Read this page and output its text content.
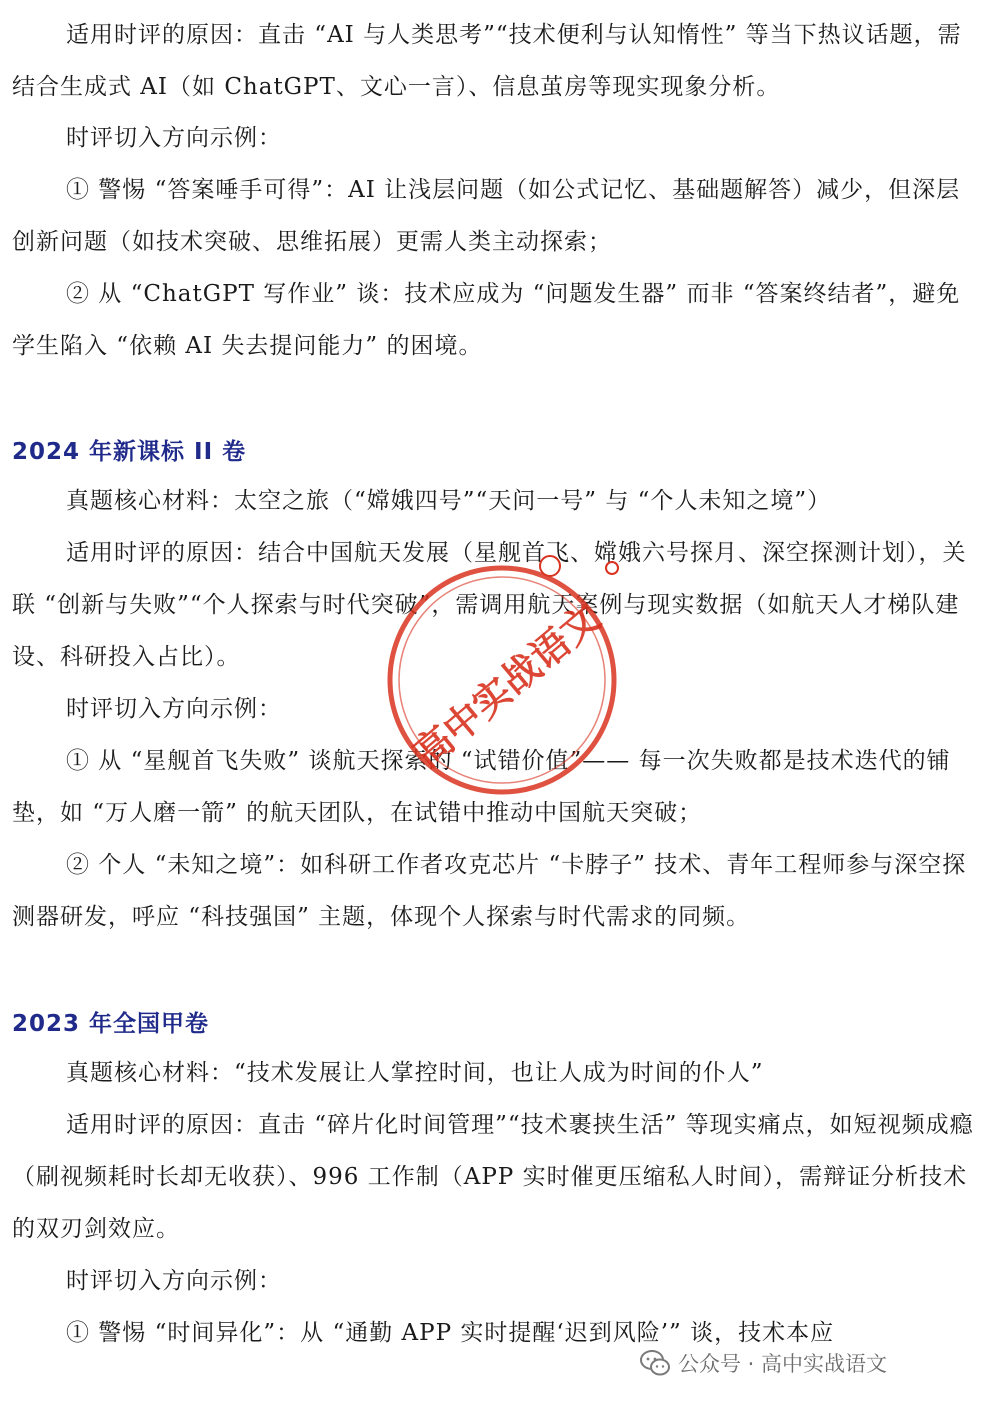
适用时评的原因：直击 “AI 与人类思考”“技术便利与认知惰性” 等当下热议话题，需结合生成式 AI（如 ChatGPT、文心一言）、信息茧房等现实现象分析。

时评切入方向示例：

① 警惕 “答案唾手可得”：AI 让浅层问题（如公式记忆、基础题解答）减少，但深层创新问题（如技术突破、思维拓展）更需人类主动探索；

② 从 “ChatGPT 写作业” 谈：技术应成为 “问题发生器” 而非 “答案终结者”，避免学生陷入 “依赖 AI 失去提问能力” 的困境。

2024 年新课标 II 卷

真题核心材料：太空之旅（“嫦娥四号”“天问一号” 与 “个人未知之境”）

适用时评的原因：结合中国航天发展（星舰首飞、嫦娥六号探月、深空探测计划），关联 “创新与失败”“个人探索与时代突破”，需调用航天案例与现实数据（如航天人才梯队建设、科研投入占比）。

时评切入方向示例：

① 从 “星舰首飞失败” 谈航天探索的 “试错价值”—— 每一次失败都是技术迭代的铺垫，如 “万人磨一箭” 的航天团队，在试错中推动中国航天突破；

② 个人 “未知之境”：如科研工作者攻克芯片 “卡脖子” 技术、青年工程师参与深空探测器研发，呼应 “科技强国” 主题，体现个人探索与时代需求的同频。

2023 年全国甲卷

真题核心材料：“技术发展让人掌控时间，也让人成为时间的仆人”

适用时评的原因：直击 “碎片化时间管理”“技术裹挟生活” 等现实痛点，如短视频成瘾（刷视频耗时长却无收获）、996 工作制（APP 实时催更压缩私人时间），需辩证分析技术的双刃剑效应。

时评切入方向示例：

① 警惕 “时间异化”：从 “通勤 APP 实时提醒‘迟到风险’” 谈，技术本应

高中实战语文
公众号 · 高中实战语文
